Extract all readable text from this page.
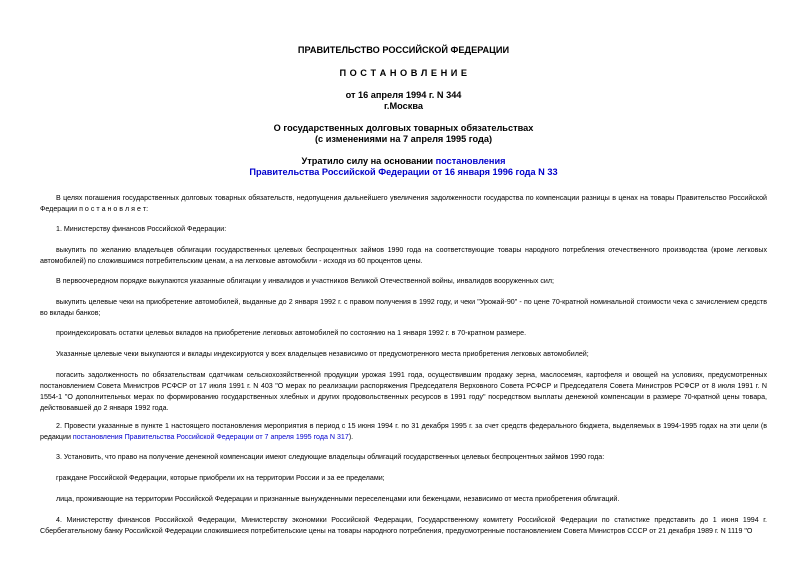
ПРАВИТЕЛЬСТВО РОССИЙСКОЙ ФЕДЕРАЦИИ
П О С Т А Н О В Л Е Н И Е
от 16 апреля 1994 г. N 344
г.Москва
О государственных долговых товарных обязательствах
(с изменениями на 7 апреля 1995 года)
Утратило силу на основании постановления
Правительства Российской Федерации от 16 января 1996 года N 33
В целях погашения государственных долговых товарных обязательств, недопущения дальнейшего увеличения задолженности государства по компенсации разницы в ценах на товары Правительство Российской Федерации п о с т а н о в л я е т:
1. Министерству финансов Российской Федерации:
выкупить по желанию владельцев облигации государственных целевых беспроцентных займов 1990 года на соответствующие товары народного потребления отечественного производства (кроме легковых автомобилей) по сложившимся потребительским ценам, а на легковые автомобили - исходя из 60 процентов цены.
В первоочередном порядке выкупаются указанные облигации у инвалидов и участников Великой Отечественной войны, инвалидов вооруженных сил;
выкупить целевые чеки на приобретение автомобилей, выданные до 2 января 1992 г. с правом получения в 1992 году, и чеки "Урожай-90" - по цене 70-кратной номинальной стоимости чека с зачислением средств во вклады банков;
проиндексировать остатки целевых вкладов на приобретение легковых автомобилей по состоянию на 1 января 1992 г. в 70-кратном размере.
Указанные целевые чеки выкупаются и вклады индексируются у всех владельцев независимо от предусмотренного места приобретения легковых автомобилей;
погасить задолженность по обязательствам сдатчикам сельскохозяйственной продукции урожая 1991 года, осуществившим продажу зерна, маслосемян, картофеля и овощей на условиях, предусмотренных постановлением Совета Министров РСФСР от 17 июля 1991 г. N 403 "О мерах по реализации распоряжения Председателя Верховного Совета РСФСР и Председателя Совета Министров РСФСР от 8 июля 1991 г. N 1554-1 "О дополнительных мерах по формированию государственных хлебных и других продовольственных ресурсов в 1991 году" посредством выплаты денежной компенсации в размере 70-кратной цены товара, действовавшей до 2 января 1992 года.
2. Провести указанные в пункте 1 настоящего постановления мероприятия в период с 15 июня 1994 г. по 31 декабря 1995 г. за счет средств федерального бюджета, выделяемых в 1994-1995 годах на эти цели (в редакции постановления Правительства Российской Федерации от 7 апреля 1995 года N 317).
3. Установить, что право на получение денежной компенсации имеют следующие владельцы облигаций государственных целевых беспроцентных займов 1990 года:
граждане Российской Федерации, которые приобрели их на территории России и за ее пределами;
лица, проживающие на территории Российской Федерации и признанные вынужденными переселенцами или беженцами, независимо от места приобретения облигаций.
4. Министерству финансов Российской Федерации, Министерству экономики Российской Федерации, Государственному комитету Российской Федерации по статистике представить до 1 июня 1994 г. Сбербегательному банку Российской Федерации сложившиеся потребительские цены на товары народного потребления, предусмотренные постановлением Совета Министров СССР от 21 декабря 1989 г. N 1119 "О
